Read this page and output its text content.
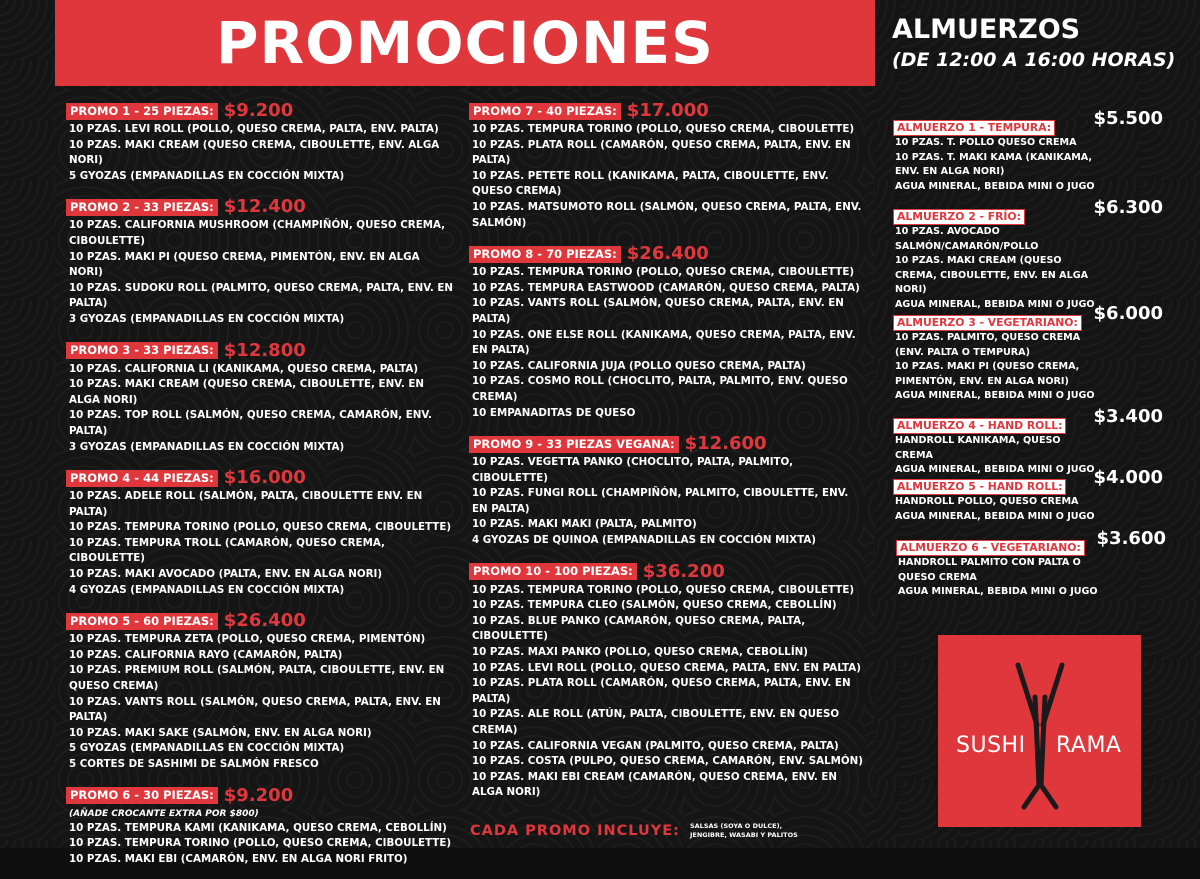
PROMOCIONES
PROMO 1 - 25 PIEZAS: $9.200
10 PZAS. LEVI ROLL (POLLO, QUESO CREMA, PALTA, ENV. PALTA)
10 PZAS. MAKI CREAM (QUESO CREMA, CIBOULETTE, ENV. ALGA NORI)
5 GYOZAS (EMPANADILLAS EN COCCIÓN MIXTA)
PROMO 2 - 33 PIEZAS: $12.400
10 PZAS. CALIFORNIA MUSHROOM (CHAMPIÑÓN, QUESO CREMA, CIBOULETTE)
10 PZAS. MAKI PI (QUESO CREMA, PIMENTÓN, ENV. EN ALGA NORI)
10 PZAS. SUDOKU ROLL (PALMITO, QUESO CREMA, PALTA, ENV. EN PALTA)
3 GYOZAS (EMPANADILLAS EN COCCIÓN MIXTA)
PROMO 3 - 33 PIEZAS: $12.800
10 PZAS. CALIFORNIA LI (KANIKAMA, QUESO CREMA, PALTA)
10 PZAS. MAKI CREAM (QUESO CREMA, CIBOULETTE, ENV. EN ALGA NORI)
10 PZAS. TOP ROLL (SALMÓN, QUESO CREMA, CAMARÓN, ENV. PALTA)
3 GYOZAS (EMPANADILLAS EN COCCIÓN MIXTA)
PROMO 4 - 44 PIEZAS: $16.000
10 PZAS. ADELE ROLL (SALMÓN, PALTA, CIBOULETTE ENV. EN PALTA)
10 PZAS. TEMPURA TORINO (POLLO, QUESO CREMA, CIBOULETTE)
10 PZAS. TEMPURA TROLL (CAMARÓN, QUESO CREMA, CIBOULETTE)
10 PZAS. MAKI AVOCADO (PALTA, ENV. EN ALGA NORI)
4 GYOZAS (EMPANADILLAS EN COCCIÓN MIXTA)
PROMO 5 - 60 PIEZAS: $26.400
10 PZAS. TEMPURA ZETA (POLLO, QUESO CREMA, PIMENTÓN)
10 PZAS. CALIFORNIA RAYO (CAMARÓN, PALTA)
10 PZAS. PREMIUM ROLL (SALMÓN, PALTA, CIBOULETTE, ENV. EN QUESO CREMA)
10 PZAS. VANTS ROLL (SALMÓN, QUESO CREMA, PALTA, ENV. EN PALTA)
10 PZAS. MAKI SAKE (SALMÓN, ENV. EN ALGA NORI)
5 GYOZAS (EMPANADILLAS EN COCCIÓN MIXTA)
5 CORTES DE SASHIMI DE SALMÓN FRESCO
PROMO 6 - 30 PIEZAS: $9.200
(AÑADE CROCANTE EXTRA POR $800)
10 PZAS. TEMPURA KAMI (KANIKAMA, QUESO CREMA, CEBOLLÍN)
10 PZAS. TEMPURA TORINO (POLLO, QUESO CREMA, CIBOULETTE)
10 PZAS. MAKI EBI (CAMARÓN, ENV. EN ALGA NORI FRITO)
PROMO 7 - 40 PIEZAS: $17.000
10 PZAS. TEMPURA TORINO (POLLO, QUESO CREMA, CIBOULETTE)
10 PZAS. PLATA ROLL (CAMARÓN, QUESO CREMA, PALTA, ENV. EN PALTA)
10 PZAS. PETETE ROLL (KANIKAMA, PALTA, CIBOULETTE, ENV. QUESO CREMA)
10 PZAS. MATSUMOTO ROLL (SALMÓN, QUESO CREMA, PALTA, ENV. SALMÓN)
PROMO 8 - 70 PIEZAS: $26.400
10 PZAS. TEMPURA TORINO (POLLO, QUESO CREMA, CIBOULETTE)
10 PZAS. TEMPURA EASTWOOD (CAMARÓN, QUESO CREMA, PALTA)
10 PZAS. VANTS ROLL (SALMÓN, QUESO CREMA, PALTA, ENV. EN PALTA)
10 PZAS. ONE ELSE ROLL (KANIKAMA, QUESO CREMA, PALTA, ENV. EN PALTA)
10 PZAS. CALIFORNIA JUJA (POLLO QUESO CREMA, PALTA)
10 PZAS. COSMO ROLL (CHOCLITO, PALTA, PALMITO, ENV. QUESO CREMA)
10 EMPANADITAS DE QUESO
PROMO 9 - 33 PIEZAS VEGANA: $12.600
10 PZAS. VEGETTA PANKO (CHOCLITO, PALTA, PALMITO, CIBOULETTE)
10 PZAS. FUNGI ROLL (CHAMPIÑÓN, PALMITO, CIBOULETTE, ENV. EN PALTA)
10 PZAS. MAKI MAKI (PALTA, PALMITO)
4 GYOZAS DE QUINOA (EMPANADILLAS EN COCCIÓN MIXTA)
PROMO 10 - 100 PIEZAS: $36.200
10 PZAS. TEMPURA TORINO (POLLO, QUESO CREMA, CIBOULETTE)
10 PZAS. TEMPURA CLEO (SALMÓN, QUESO CREMA, CEBOLLÍN)
10 PZAS. BLUE PANKO (CAMARÓN, QUESO CREMA, PALTA, CIBOULETTE)
10 PZAS. MAXI PANKO (POLLO, QUESO CREMA, CEBOLLÍN)
10 PZAS. LEVI ROLL (POLLO, QUESO CREMA, PALTA, ENV. EN PALTA)
10 PZAS. PLATA ROLL (CAMARÓN, QUESO CREMA, PALTA, ENV. EN PALTA)
10 PZAS. ALE ROLL (ATÚN, PALTA, CIBOULETTE, ENV. EN QUESO CREMA)
10 PZAS. CALIFORNIA VEGAN (PALMITO, QUESO CREMA, PALTA)
10 PZAS. COSTA (PULPO, QUESO CREMA, CAMARÓN, ENV. SALMÓN)
10 PZAS. MAKI EBI CREAM (CAMARÓN, QUESO CREMA, ENV. EN ALGA NORI)
CADA PROMO INCLUYE: SALSAS (SOYA O DULCE),
JENGIBRE, WASABI Y PALITOS
ALMUERZOS
(DE 12:00 A 16:00 HORAS)
ALMUERZO 1 - TEMPURA: $5.500
10 PZAS. T. POLLO QUESO CREMA
10 PZAS. T. MAKI KAMA (KANIKAMA, ENV. EN ALGA NORI)
AGUA MINERAL, BEBIDA MINI O JUGO
ALMUERZO 2 - FRÍO:	$6.300
10 PZAS. AVOCADO SALMÓN/CAMARÓN/POLLO
10 PZAS. MAKI CREAM (QUESO CREMA, CIBOULETTE, ENV. EN ALGA NORI)
AGUA MINERAL, BEBIDA MINI O JUGO
ALMUERZO 3 - VEGETARIANO: $6.000
10 PZAS. PALMITO, QUESO CREMA (ENV. PALTA O TEMPURA)
10 PZAS. MAKI PI (QUESO CREMA, PIMENTÓN, ENV. EN ALGA NORI)
AGUA MINERAL, BEBIDA MINI O JUGO
ALMUERZO 4 - HAND ROLL: $3.400
HANDROLL KANIKAMA, QUESO CREMA
AGUA MINERAL, BEBIDA MINI O JUGO
ALMUERZO 5 - HAND ROLL: $4.000
HANDROLL POLLO, QUESO CREMA
AGUA MINERAL, BEBIDA MINI O JUGO
ALMUERZO 6 - VEGETARIANO: $3.600
HANDROLL PALMITO CON PALTA O QUESO CREMA
AGUA MINERAL, BEBIDA MINI O JUGO
SUSHI RAMA
